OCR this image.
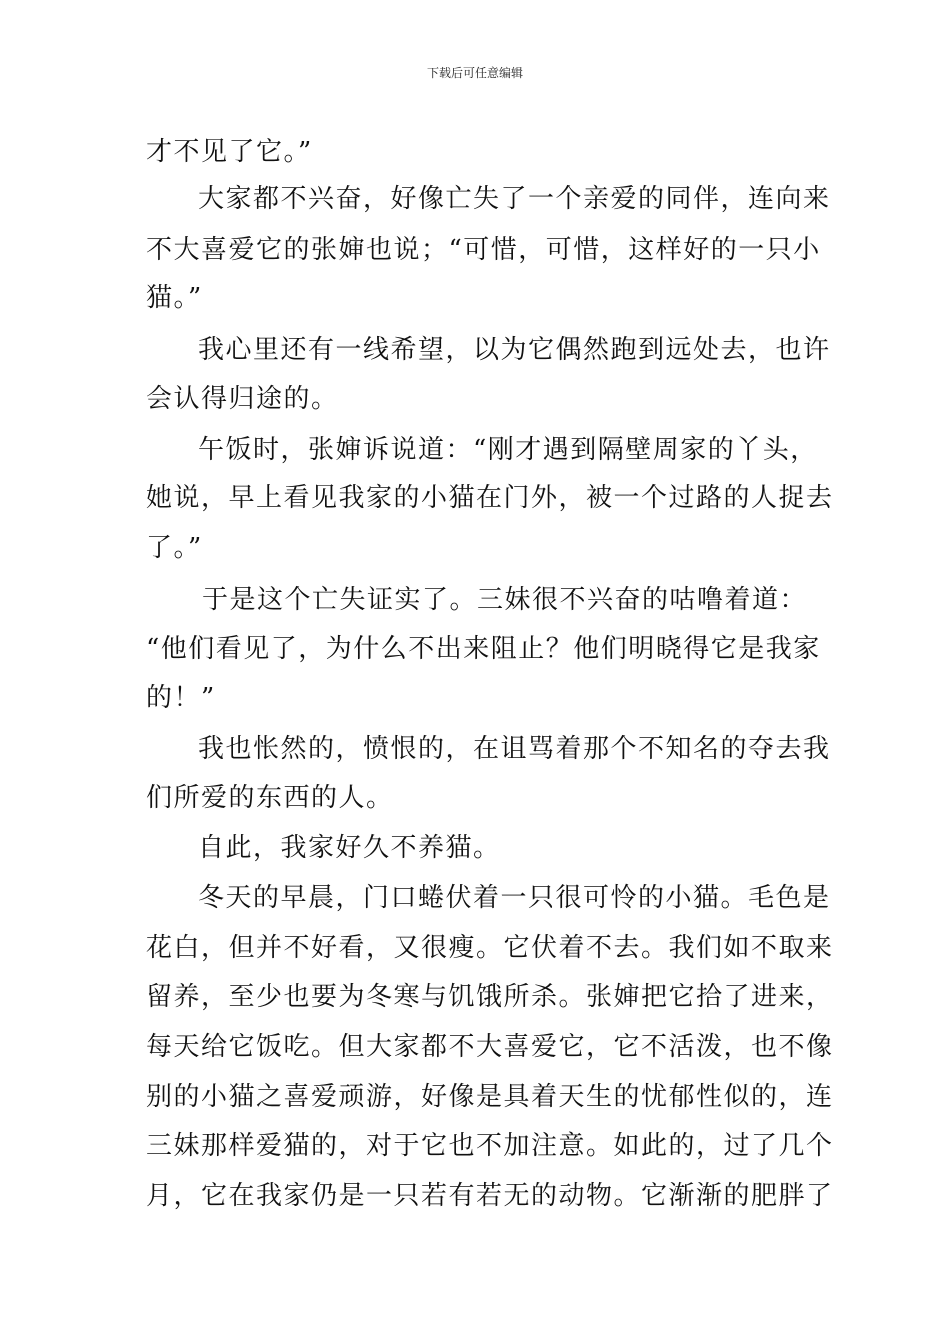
下载后可任意编辑
才不见了它。”
大家都不兴奋，好像亡失了一个亲爱的同伴，连向来
不大喜爱它的张婶也说；“可惜，可惜，这样好的一只小
猫。”
我心里还有一线希望，以为它偶然跑到远处去，也许
会认得归途的。
午饭时，张婶诉说道：“刚才遇到隔壁周家的丫头，
她说，早上看见我家的小猫在门外，被一个过路的人捉去
了。”
于是这个亡失证实了。三妹很不兴奋的咕噜着道：
“他们看见了，为什么不出来阻止？他们明晓得它是我家
的！”
我也怅然的，愤恨的，在诅骂着那个不知名的夺去我
们所爱的东西的人。
自此，我家好久不养猫。
冬天的早晨，门口蜷伏着一只很可怜的小猫。毛色是
花白，但并不好看，又很瘦。它伏着不去。我们如不取来
留养，至少也要为冬寒与饥饿所杀。张婶把它拾了进来，
每天给它饭吃。但大家都不大喜爱它，它不活泼，也不像
别的小猫之喜爱顽游，好像是具着天生的忧郁性似的，连
三妹那样爱猫的，对于它也不加注意。如此的，过了几个
月，它在我家仍是一只若有若无的动物。它渐渐的肥胖了
